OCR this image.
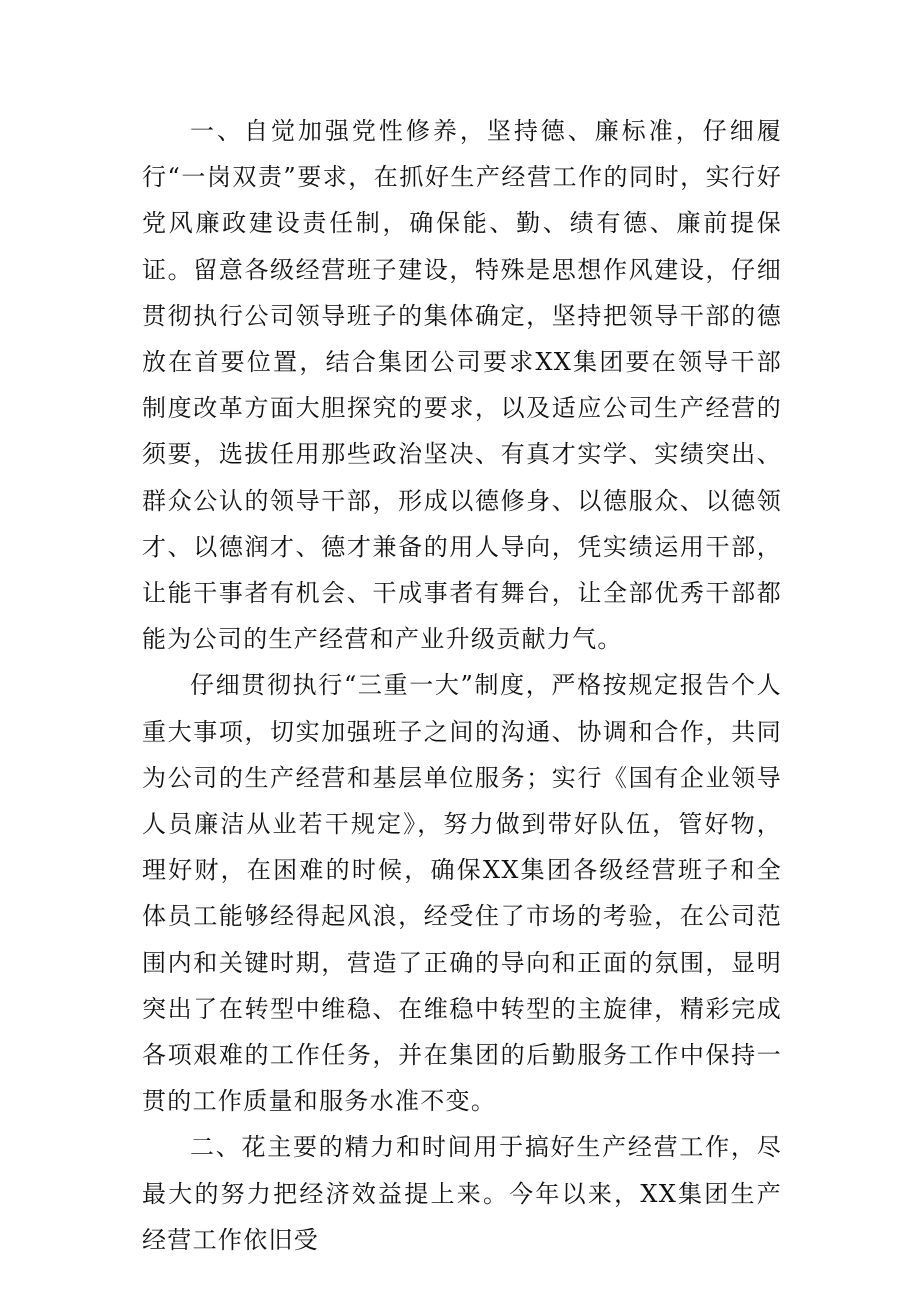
一、自觉加强党性修养，坚持德、廉标准，仔细履行“一岗双责”要求，在抓好生产经营工作的同时，实行好党风廉政建设责任制，确保能、勤、绩有德、廉前提保证。留意各级经营班子建设，特殊是思想作风建设，仔细贯彻执行公司领导班子的集体确定，坚持把领导干部的德放在首要位置，结合集团公司要求XX集团要在领导干部制度改革方面大胆探究的要求，以及适应公司生产经营的须要，选拔任用那些政治坚决、有真才实学、实绩突出、群众公认的领导干部，形成以德修身、以德服众、以德领才、以德润才、德才兼备的用人导向，凭实绩运用干部，让能干事者有机会、干成事者有舞台，让全部优秀干部都能为公司的生产经营和产业升级贡献力气。

仔细贯彻执行“三重一大”制度，严格按规定报告个人重大事项，切实加强班子之间的沟通、协调和合作，共同为公司的生产经营和基层单位服务；实行《国有企业领导人员廉洁从业若干规定》，努力做到带好队伍，管好物，理好财，在困难的时候，确保XX集团各级经营班子和全体员工能够经得起风浪，经受住了市场的考验，在公司范围内和关键时期，营造了正确的导向和正面的氛围，显明突出了在转型中维稳、在维稳中转型的主旋律，精彩完成各项艰难的工作任务，并在集团的后勤服务工作中保持一贯的工作质量和服务水准不变。

二、花主要的精力和时间用于搞好生产经营工作，尽最大的努力把经济效益提上来。今年以来，XX集团生产经营工作依旧受
